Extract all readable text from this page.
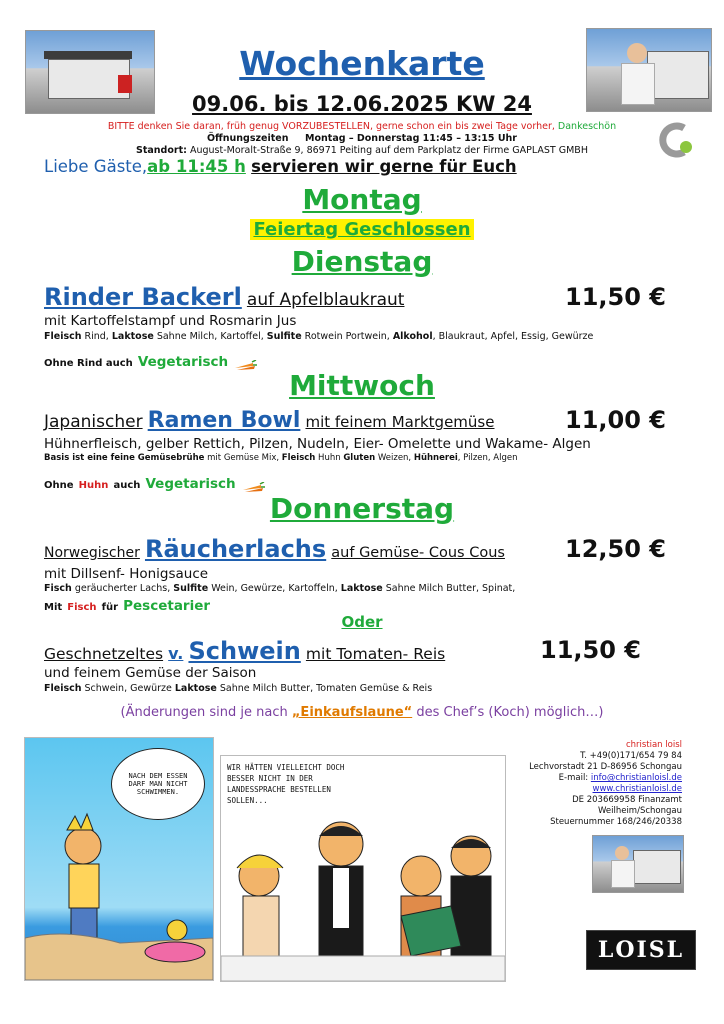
Wochenkarte
09.06. bis 12.06.2025 KW 24
BITTE denken Sie daran, früh genug VORZUBESTELLEN, gerne schon ein bis zwei Tage vorher, Dankeschön
Öffnungszeiten Montag – Donnerstag 11:45 – 13:15 Uhr
Standort: August-Moralt-Straße 9, 86971 Peiting auf dem Parkplatz der Firme GAPLAST GMBH
Liebe Gäste,ab 11:45 h servieren wir gerne für Euch
Montag
Feiertag Geschlossen
Dienstag
Rinder Backerl auf Apfelblaukraut	11,50 €
mit Kartoffelstampf und Rosmarin Jus
Fleisch Rind, Laktose Sahne Milch, Kartoffel, Sulfite Rotwein Portwein, Alkohol, Blaukraut, Apfel, Essig, Gewürze
Ohne Rind auch Vegetarisch
Mittwoch
Japanischer Ramen Bowl mit feinem Marktgemüse	11,00 €
Hühnerfleisch, gelber Rettich, Pilzen, Nudeln, Eier- Omelette und Wakame- Algen
Basis ist eine feine Gemüsebrühe mit Gemüse Mix, Fleisch Huhn Gluten Weizen, Hühnerei, Pilzen, Algen
Ohne Huhn auch Vegetarisch
Donnerstag
Norwegischer Räucherlachs auf Gemüse- Cous Cous	12,50 €
mit Dillsenf- Honigsauce
Fisch geräucherter Lachs, Sulfite Wein, Gewürze, Kartoffeln, Laktose Sahne Milch Butter, Spinat,
Mit Fisch für Pescetarier
Oder
Geschnetzeltes v. Schwein mit Tomaten- Reis	11,50 €
und feinem Gemüse der Saison
Fleisch Schwein, Gewürze Laktose Sahne Milch Butter, Tomaten Gemüse & Reis
(Änderungen sind je nach „Einkaufslaune“ des Chef’s (Koch) möglich…)
NACH DEM ESSEN DARF MAN NICHT SCHWIMMEN.
WIR HÄTTEN VIELLEICHT DOCH BESSER NICHT IN DER LANDESSPRACHE BESTELLEN SOLLEN...
christian loisl
T. +49(0)171/654 79 84
Lechvorstadt 21 D-86956 Schongau
E-mail: info@christianloisl.de
www.christianloisl.de
DE 203669958 Finanzamt
Weilheim/Schongau
Steuernummer 168/246/20338
LOISL
